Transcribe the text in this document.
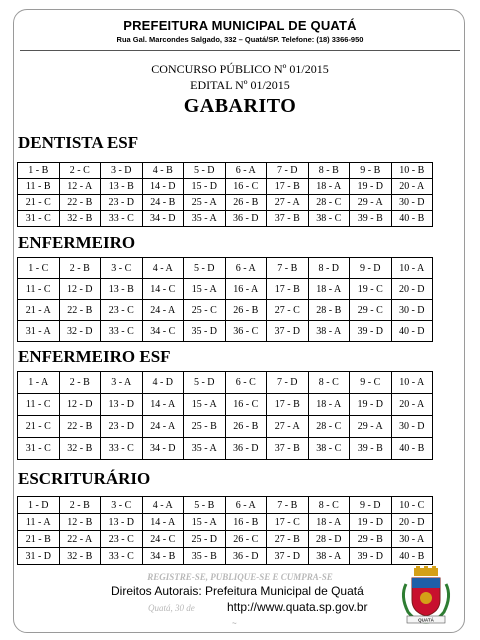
PREFEITURA MUNICIPAL DE QUATÁ
Rua Gal. Marcondes Salgado, 332 – Quatá/SP. Telefone: (18) 3366-950
CONCURSO PÚBLICO Nº 01/2015
EDITAL Nº 01/2015
GABARITO
DENTISTA ESF
1 - B	2 - C	3 - D	4 - B	5 - D	6 - A	7 - D	8 - B	9 - B	10 - B
11 - B	12 - A	13 - B	14 - D	15 - D	16 - C	17 - B	18 - A	19 - D	20 - A
21 - C	22 - B	23 - D	24 - B	25 - A	26 - B	27 - A	28 - C	29 - A	30 - D
31 - C	32 - B	33 - C	34 - D	35 - A	36 - D	37 - B	38 - C	39 - B	40 - B
ENFERMEIRO
1 - C	2 - B	3 - C	4 - A	5 - D	6 - A	7 - B	8 - D	9 - D	10 - A
11 - C	12 - D	13 - B	14 - C	15 - A	16 - A	17 - B	18 - A	19 - C	20 - D
21 - A	22 - B	23 - C	24 - A	25 - C	26 - B	27 - C	28 - B	29 - C	30 - D
31 - A	32 - D	33 - C	34 - C	35 - D	36 - C	37 - D	38 - A	39 - D	40 - D
ENFERMEIRO ESF
1 - A	2 - B	3 - A	4 - D	5 - D	6 - C	7 - D	8 - C	9 - C	10 - A
11 - C	12 - D	13 - D	14 - A	15 - A	16 - C	17 - B	18 - A	19 - D	20 - A
21 - C	22 - B	23 - D	24 - A	25 - B	26 - B	27 - A	28 - C	29 - A	30 - D
31 - C	32 - B	33 - C	34 - D	35 - A	36 - D	37 - B	38 - C	39 - B	40 - B
ESCRITURÁRIO
1 - D	2 - B	3 - C	4 - A	5 - B	6 - A	7 - B	8 - C	9 - D	10 - C
11 - A	12 - B	13 - D	14 - A	15 - A	16 - B	17 - C	18 - A	19 - D	20 - D
21 - B	22 - A	23 - C	24 - C	25 - D	26 - C	27 - B	28 - D	29 - B	30 - A
31 - D	32 - B	33 - C	34 - B	35 - B	36 - D	37 - D	38 - A	39 - D	40 - B
REGISTRE-SE, PUBLIQUE-SE E CUMPRA-SE
Quatá, 30 de
~
Direitos Autorais: Prefeitura Municipal de Quatá
http://www.quata.sp.gov.br
QUATÁ
